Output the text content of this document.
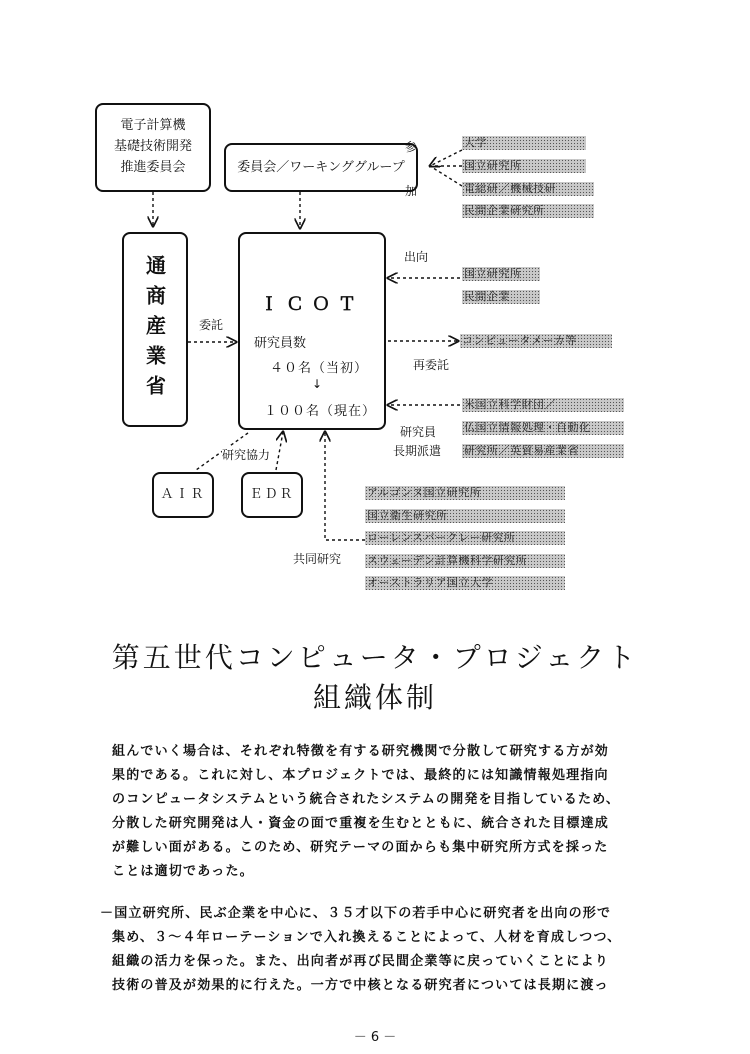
電子計算機
基礎技術開発
推進委員会	委員会／ワーキンググループ
通商産業省	ＩＣＯＴ
研究員数
４０名（当初）
↓
１００名（現在）
ＡＩＲ	ＥＤＲ
参
加
出向
委託
再委託
研究協力
研究員
長期派遣
共同研究
大学
国立研究所
電総研／機械技研
民間企業研究所
国立研究所
民間企業
コンピュータメーカ等
米国立科学財団／
仏国立情報処理・自動化
研究所／英貿易産業省
アルゴンヌ国立研究所
国立衛生研究所
ローレンスバークレー研究所
スウェーデン計算機科学研究所
オーストラリア国立大学
第五世代コンピュータ・プロジェクト
組織体制

組んでいく場合は、それぞれ特徴を有する研究機関で分散して研究する方が効

果的である。これに対し、本プロジェクトでは、最終的には知識情報処理指向

のコンピュータシステムという統合されたシステムの開発を目指しているため、

分散した研究開発は人・資金の面で重複を生むとともに、統合された目標達成

が難しい面がある。このため、研究テーマの面からも集中研究所方式を採った

ことは適切であった。

－国立研究所、民ぶ企業を中心に、３５才以下の若手中心に研究者を出向の形で

集め、３～４年ローテーションで入れ換えることによって、人材を育成しつつ、

組織の活力を保った。また、出向者が再び民間企業等に戻っていくことにより

技術の普及が効果的に行えた。一方で中核となる研究者については長期に渡っ

－ 6 －
